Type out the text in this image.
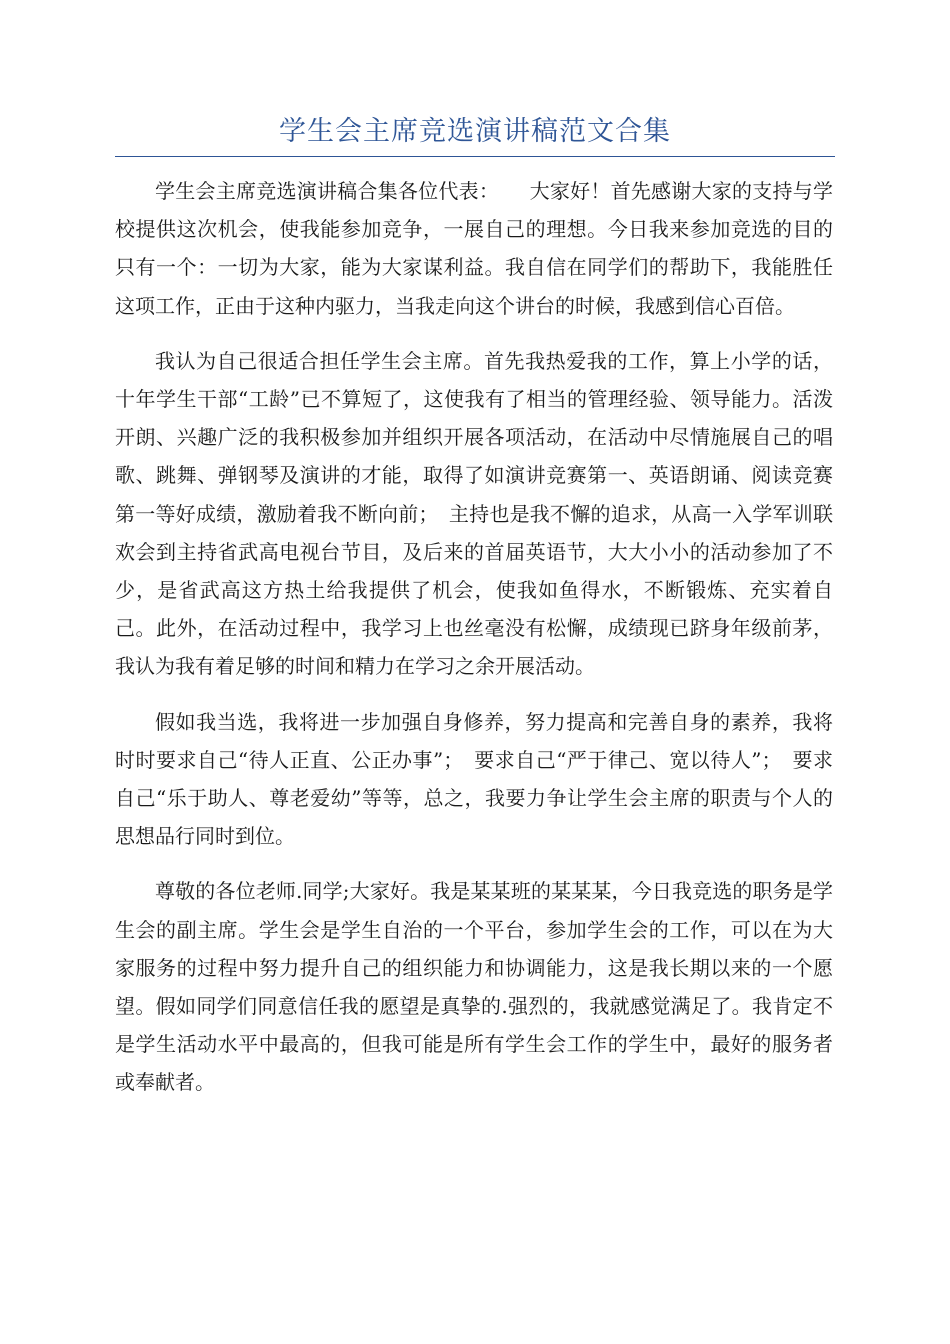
学生会主席竞选演讲稿范文合集

学生会主席竞选演讲稿合集各位代表：　　大家好！首先感谢大家的支持与学校提供这次机会，使我能参加竞争，一展自己的理想。今日我来参加竞选的目的只有一个：一切为大家，能为大家谋利益。我自信在同学们的帮助下，我能胜任这项工作，正由于这种内驱力，当我走向这个讲台的时候，我感到信心百倍。

我认为自己很适合担任学生会主席。首先我热爱我的工作，算上小学的话，十年学生干部“工龄”已不算短了，这使我有了相当的管理经验、领导能力。活泼开朗、兴趣广泛的我积极参加并组织开展各项活动，在活动中尽情施展自己的唱歌、跳舞、弹钢琴及演讲的才能，取得了如演讲竞赛第一、英语朗诵、阅读竞赛第一等好成绩，激励着我不断向前；　主持也是我不懈的追求，从高一入学军训联欢会到主持省武高电视台节目，及后来的首届英语节，大大小小的活动参加了不少，是省武高这方热土给我提供了机会，使我如鱼得水，不断锻炼、充实着自己。此外，在活动过程中，我学习上也丝毫没有松懈，成绩现已跻身年级前茅，我认为我有着足够的时间和精力在学习之余开展活动。

假如我当选，我将进一步加强自身修养，努力提高和完善自身的素养，我将时时要求自己“待人正直、公正办事”；　要求自己“严于律己、宽以待人”；　要求自己“乐于助人、尊老爱幼”等等，总之，我要力争让学生会主席的职责与个人的思想品行同时到位。

尊敬的各位老师.同学;大家好。我是某某班的某某某，今日我竞选的职务是学生会的副主席。学生会是学生自治的一个平台，参加学生会的工作，可以在为大家服务的过程中努力提升自己的组织能力和协调能力，这是我长期以来的一个愿望。假如同学们同意信任我的愿望是真挚的.强烈的，我就感觉满足了。我肯定不是学生活动水平中最高的，但我可能是所有学生会工作的学生中，最好的服务者或奉献者。
